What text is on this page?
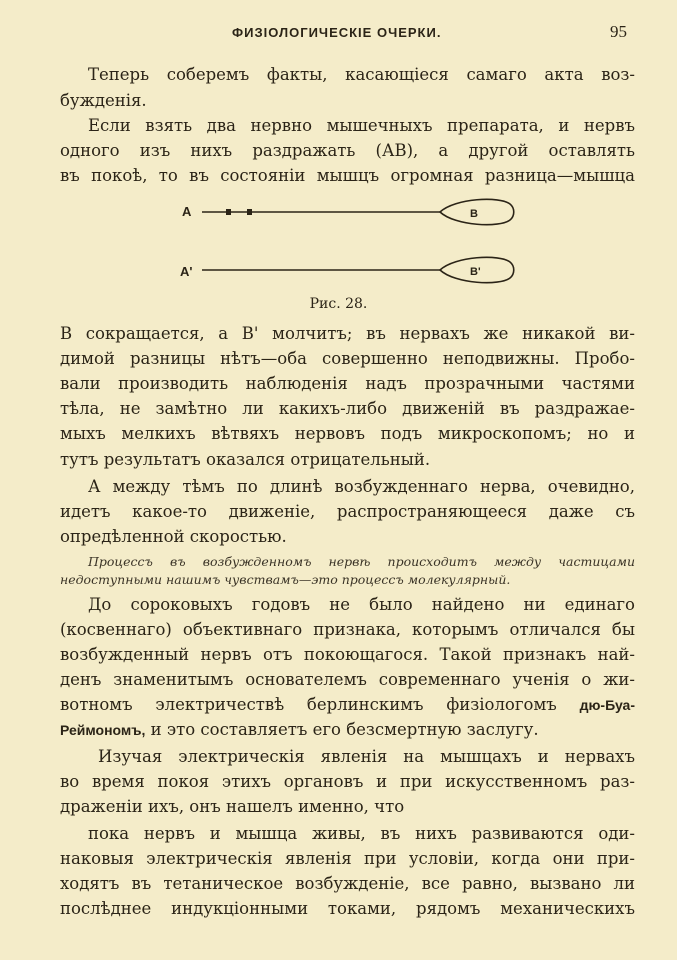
ФИЗІОЛОГИЧЕСКІЕ ОЧЕРКИ.	95
Теперь соберемъ факты, касающіеся самаго акта воз-
бужденія.
Если взять два нервно мышечныхъ препарата, и нервъ
одного изъ нихъ раздражать (АВ), а другой оставлять
въ покоѣ, то въ состояніи мышцъ огромная разница—мышца
A	B
A'	B'
Рис. 28.
В сокращается, а В' молчитъ; въ нервахъ же никакой ви-
димой разницы нѣтъ—оба совершенно неподвижны. Пробо-
вали производить наблюденія надъ прозрачными частями
тѣла, не замѣтно ли какихъ-либо движеній въ раздражае-
мыхъ мелкихъ вѣтвяхъ нервовъ подъ микроскопомъ; но и
тутъ результатъ оказался отрицательный.
А между тѣмъ по длинѣ возбужденнаго нерва, очевидно,
идетъ какое-то движеніе, распространяющееся даже съ
опредѣленной скоростью.
Процессъ въ возбужденномъ нервѣ происходитъ между частицами
недоступными нашимъ чувствамъ—это процессъ молекулярный.
До сороковыхъ годовъ не было найдено ни единаго
(косвеннаго) объективнаго признака, которымъ отличался бы
возбужденный нервъ отъ покоющагося. Такой признакъ най-
денъ знаменитымъ основателемъ современнаго ученія о жи-
вотномъ электричествѣ берлинскимъ физіологомъ дю-Буа-
Реймономъ, и это составляетъ его безсмертную заслугу.
Изучая электрическія явленія на мышцахъ и нервахъ
во время покоя этихъ органовъ и при искусственномъ раз-
драженіи ихъ, онъ нашелъ именно, что
пока нервъ и мышца живы, въ нихъ развиваются оди-
наковыя электрическія явленія при условіи, когда они при-
ходятъ въ тетаническое возбужденіе, все равно, вызвано ли
послѣднее индукціонными токами, рядомъ механическихъ
